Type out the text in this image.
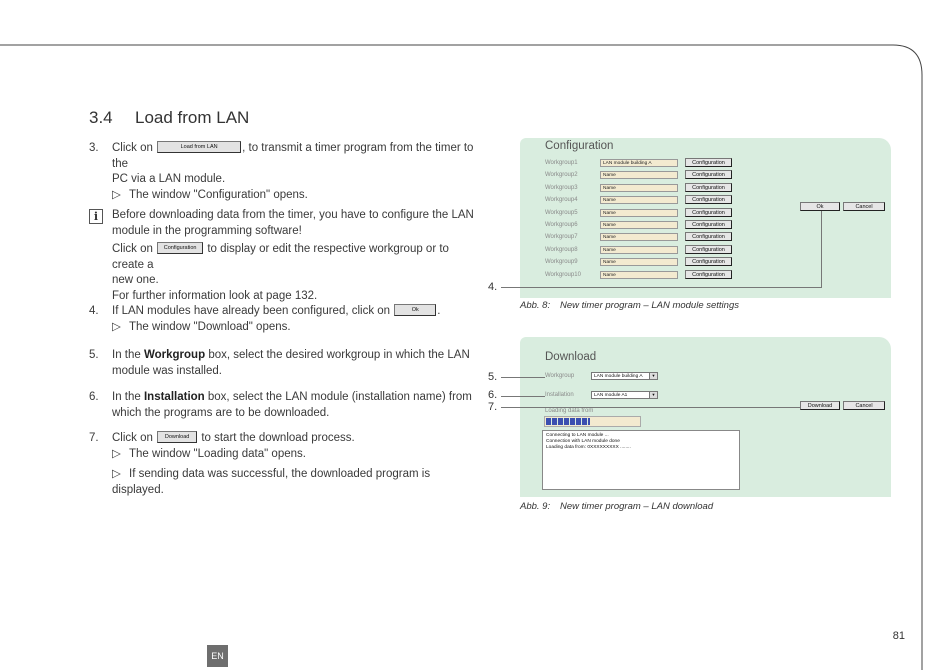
3.4 Load from LAN
3. Click on	Load from LAN , to transmit a timer program from the timer to the
PC via a LAN module.
▷ The window "Configuration" opens.
i	Before downloading data from the timer, you have to configure the LAN
module in the programming software!
Click on Configuration to display or edit the respective workgroup or to create a
new one.
For further information look at page 132.
4. If LAN modules have already been configured, click on	Ok .
▷ The window "Download" opens.
5. In the Workgroup box, select the desired workgroup in which the LAN
module was installed.
6. In the Installation box, select the LAN module (installation name) from
which the programs are to be downloaded.
7. Click on Download to start the download process.
▷ The window "Loading data" opens.
▷ If sending data was successful, the downloaded program is displayed.
Configuration
Workgroup1	LAN module building A	Configuration
Workgroup2	Name	Configuration
Workgroup3	Name	Configuration
Workgroup4	Name	Configuration
Workgroup5	Name	Configuration
Workgroup6	Name	Configuration
Workgroup7	Name	Configuration
Workgroup8	Name	Configuration
Workgroup9	Name	Configuration
Workgroup10	Name	Configuration
Ok	Cancel
4.
Abb. 8: New timer program – LAN module settings
Download
Workgroup	LAN module building A	▼
Installation	LAN module A1	▼
Loading data from
Connecting to LAN module ...
Connection with LAN module done
Loading data from: 0XXXXXXXXX ........
Download	Cancel
5.
6.
7.
Abb. 9: New timer program – LAN download
81
EN
